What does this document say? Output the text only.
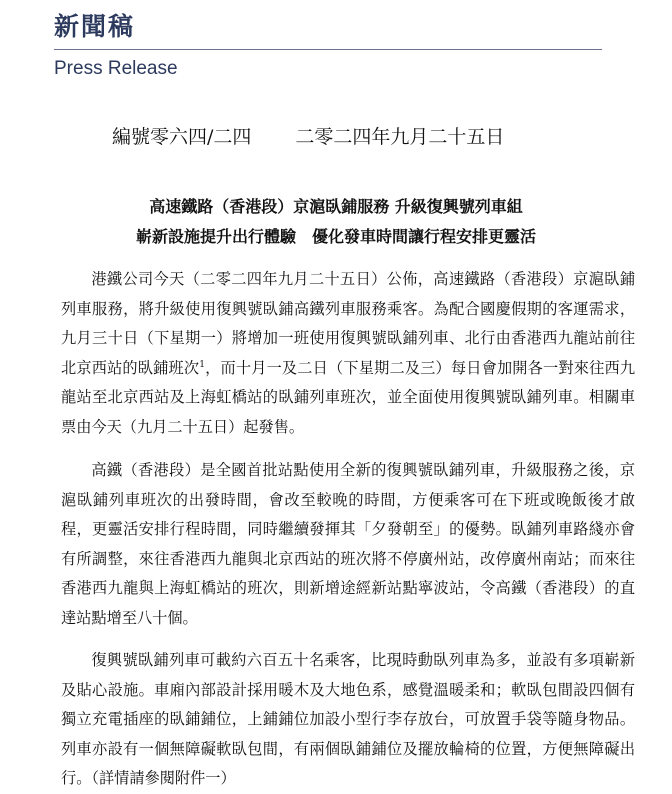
新聞稿
Press Release
編號零六四/二四 二零二四年九月二十五日
高速鐵路（香港段）京滬臥鋪服務 升級復興號列車組
嶄新設施提升出行體驗　優化發車時間讓行程安排更靈活
港鐵公司今天（二零二四年九月二十五日）公佈，高速鐵路（香港段）京滬臥鋪列車服務，將升級使用復興號臥鋪高鐵列車服務乘客。為配合國慶假期的客運需求，九月三十日（下星期一）將增加一班使用復興號臥鋪列車、北行由香港西九龍站前往北京西站的臥鋪班次$^1$，而十月一及二日（下星期二及三）每日會加開各一對來往西九龍站至北京西站及上海虹橋站的臥鋪列車班次，並全面使用復興號臥鋪列車。相關車票由今天（九月二十五日）起發售。
高鐵（香港段）是全國首批站點使用全新的復興號臥鋪列車，升級服務之後，京滬臥鋪列車班次的出發時間，會改至較晚的時間，方便乘客可在下班或晚飯後才啟程，更靈活安排行程時間，同時繼續發揮其「夕發朝至」的優勢。臥鋪列車路綫亦會有所調整，來往香港西九龍與北京西站的班次將不停廣州站，改停廣州南站；而來往香港西九龍與上海虹橋站的班次，則新增途經新站點寧波站，令高鐵（香港段）的直達站點增至八十個。
復興號臥鋪列車可載約六百五十名乘客，比現時動臥列車為多，並設有多項嶄新及貼心設施。車廂內部設計採用暖木及大地色系，感覺溫暖柔和；軟臥包間設四個有獨立充電插座的臥鋪鋪位，上鋪鋪位加設小型行李存放台，可放置手袋等隨身物品。列車亦設有一個無障礙軟臥包間，有兩個臥鋪鋪位及擺放輪椅的位置，方便無障礙出行。（詳情請參閱附件一）
